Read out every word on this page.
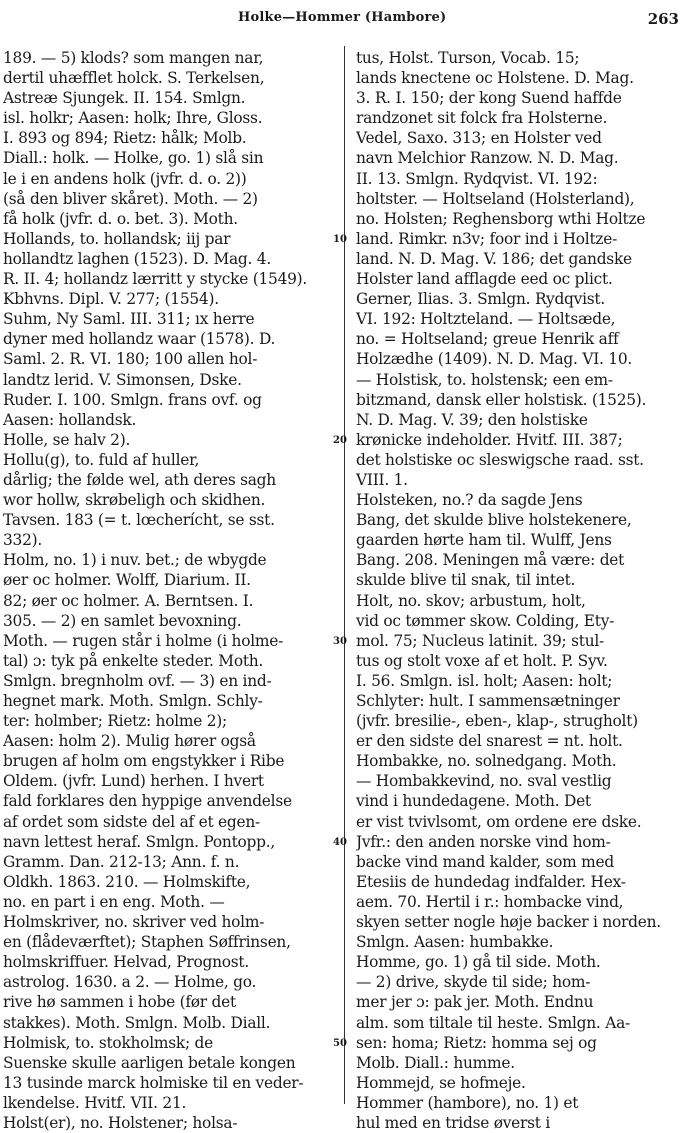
Holke—Hommer (Hambore)	263
189. — 5) klods? som mangen nar,
dertil uhæfflet holck. S. Terkelsen,
Astreæ Sjungek. II. 154. Smlgn.
isl. holkr; Aasen: holk; Ihre, Gloss.
I. 893 og 894; Rietz: hålk; Molb.
Diall.: holk. — Holke, go. 1) slå sin
le i en andens holk (jvfr. d. o. 2))
(så den bliver skåret). Moth. — 2)
få holk (jvfr. d. o. bet. 3). Moth.
Hollands, to. hollandsk; iij par
hollandtz laghen (1523). D. Mag. 4.
R. II. 4; hollandz lærritt y stycke (1549).
Kbhvns. Dipl. V. 277; (1554).
Suhm, Ny Saml. III. 311; ıx herre
dyner med hollandz waar (1578). D.
Saml. 2. R. VI. 180; 100 allen hol-
landtz lerid. V. Simonsen, Dske.
Ruder. I. 100. Smlgn. frans ovf. og
Aasen: hollandsk.
Holle, se halv 2).
Hollu(g), to. fuld af huller,
dårlig; the følde wel, ath deres sagh
wor hollw, skrøbeligh och skidhen.
Tavsen. 183 (= t. lœcherícht, se sst.
332).
Holm, no. 1) i nuv. bet.; de wbygde
øer oc holmer. Wolff, Diarium. II.
82; øer oc holmer. A. Berntsen. I.
305. — 2) en samlet bevoxning.
Moth. — rugen står i holme (i holme-
tal) ɔ: tyk på enkelte steder. Moth.
Smlgn. bregnholm ovf. — 3) en ind-
hegnet mark. Moth. Smlgn. Schly-
ter: holmber; Rietz: holme 2);
Aasen: holm 2). Mulig hører også
brugen af holm om engstykker i Ribe
Oldem. (jvfr. Lund) herhen. I hvert
fald forklares den hyppige anvendelse
af ordet som sidste del af et egen-
navn lettest heraf. Smlgn. Pontopp.,
Gramm. Dan. 212-13; Ann. f. n.
Oldkh. 1863. 210. — Holmskifte,
no. en part i en eng. Moth. —
Holmskriver, no. skriver ved holm-
en (flådeværftet); Staphen Søffrinsen,
holmskriffuer. Helvad, Prognost.
astrolog. 1630. a 2. — Holme, go.
rive hø sammen i hobe (før det
stakkes). Moth. Smlgn. Molb. Diall.
Holmisk, to. stokholmsk; de
Suenske skulle aarligen betale kongen
13 tusinde marck holmiske til en veder-
lkendelse. Hvitf. VII. 21.
Holst(er), no. Holstener; holsa-
tus, Holst. Turson, Vocab. 15;
lands knectene oc Holstene. D. Mag.
3. R. I. 150; der kong Suend haffde
randzonet sit folck fra Holsterne.
Vedel, Saxo. 313; en Holster ved
navn Melchior Ranzow. N. D. Mag.
II. 13. Smlgn. Rydqvist. VI. 192:
holtster. — Holtseland (Holsterland),
no. Holsten; Reghensborg wthi Holtze
land. Rimkr. n3v; foor ind i Holtze-
land. N. D. Mag. V. 186; det gandske
Holster land afflagde eed oc plict.
Gerner, Ilias. 3. Smlgn. Rydqvist.
VI. 192: Holtzteland. — Holtsæde,
no. = Holtseland; greue Henrik aff
Holzædhe (1409). N. D. Mag. VI. 10.
— Holstisk, to. holstensk; een em-
bitzmand, dansk eller holstisk. (1525).
N. D. Mag. V. 39; den holstiske
krønicke indeholder. Hvitf. III. 387;
det holstiske oc sleswigsche raad. sst.
VIII. 1.
Holsteken, no.? da sagde Jens
Bang, det skulde blive holstekenere,
gaarden hørte ham til. Wulff, Jens
Bang. 208. Meningen må være: det
skulde blive til snak, til intet.
Holt, no. skov; arbustum, holt,
vid oc tømmer skow. Colding, Ety-
mol. 75; Nucleus latinit. 39; stul-
tus og stolt voxe af et holt. P. Syv.
I. 56. Smlgn. isl. holt; Aasen: holt;
Schlyter: hult. I sammensætninger
(jvfr. bresilie-, eben-, klap-, strugholt)
er den sidste del snarest = nt. holt.
Hombakke, no. solnedgang. Moth.
— Hombakkevind, no. sval vestlig
vind i hundedagene. Moth. Det
er vist tvivlsomt, om ordene ere dske.
Jvfr.: den anden norske vind hom-
backe vind mand kalder, som med
Etesiis de hundedag indfalder. Hex-
aem. 70. Hertil i r.: hombacke vind,
skyen setter nogle høje backer i norden.
Smlgn. Aasen: humbakke.
Homme, go. 1) gå til side. Moth.
— 2) drive, skyde til side; hom-
mer jer ɔ: pak jer. Moth. Endnu
alm. som tiltale til heste. Smlgn. Aa-
sen: homa; Rietz: homma sej og
Molb. Diall.: humme.
Hommejd, se hofmeje.
Hommer (hambore), no. 1) et
hul med en tridse øverst i
10
20
30
40
50
